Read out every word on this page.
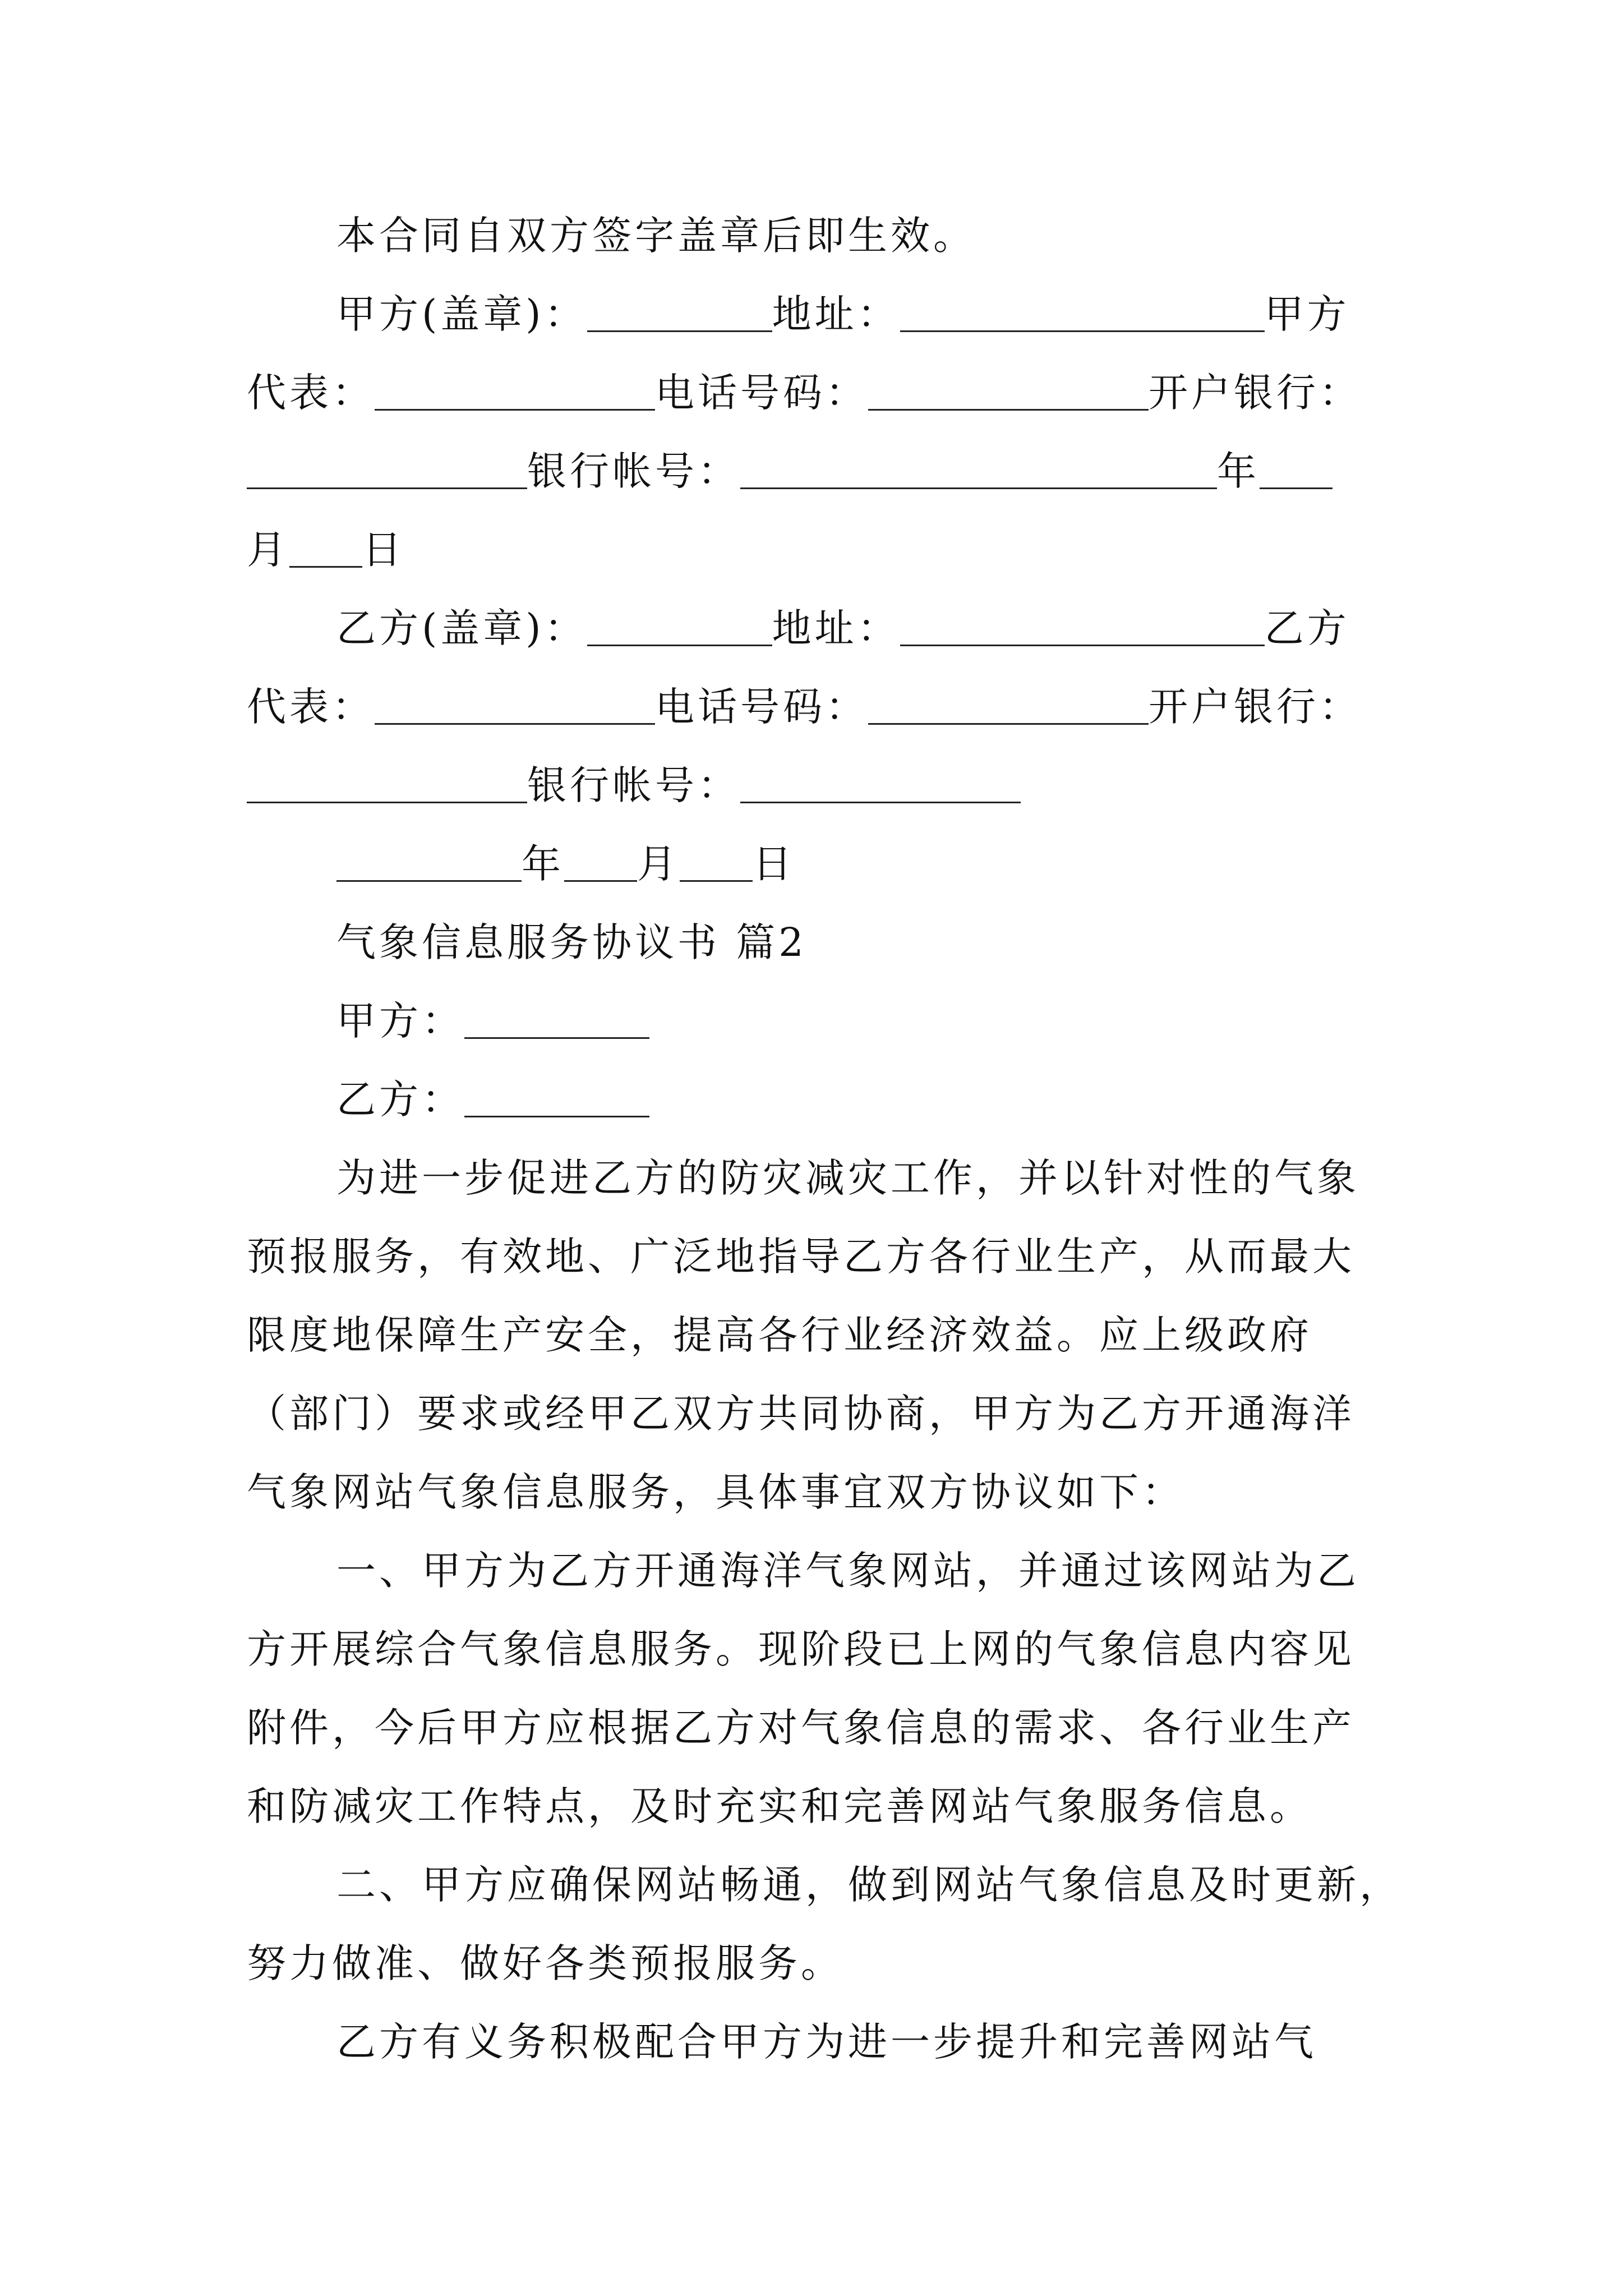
本合同自双方签字盖章后即生效。
甲方(盖章)：	地址：	甲方
代表：	电话号码：	开户银行：
银行帐号：	年
月 日
乙方(盖章)：	地址：	乙方
代表：	电话号码：	开户银行：
银行帐号：
年 月 日
气象信息服务协议书 篇2
甲方：
乙方：
为进一步促进乙方的防灾减灾工作，并以针对性的气象
预报服务，有效地、广泛地指导乙方各行业生产，从而最大
限度地保障生产安全，提高各行业经济效益。应上级政府
（部门）要求或经甲乙双方共同协商，甲方为乙方开通海洋
气象网站气象信息服务，具体事宜双方协议如下：
一、甲方为乙方开通海洋气象网站，并通过该网站为乙
方开展综合气象信息服务。现阶段已上网的气象信息内容见
附件，今后甲方应根据乙方对气象信息的需求、各行业生产
和防减灾工作特点，及时充实和完善网站气象服务信息。
二、甲方应确保网站畅通，做到网站气象信息及时更新，
努力做准、做好各类预报服务。
乙方有义务积极配合甲方为进一步提升和完善网站气
